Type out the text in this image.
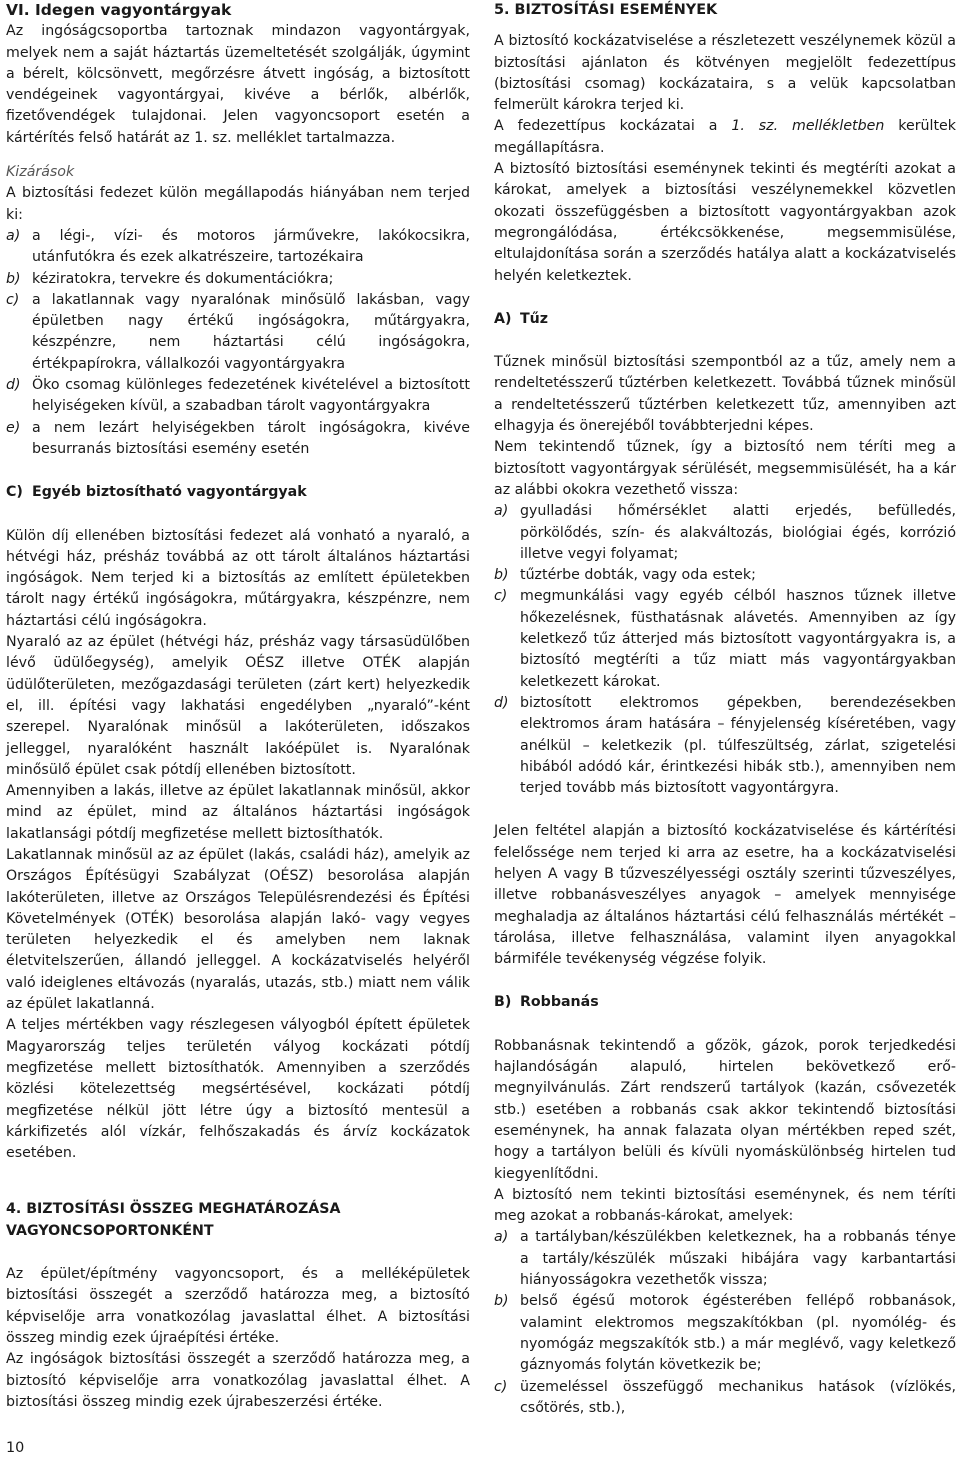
VI. Idegen vagyontárgyak

Az ingóságcsoportba tartoznak mindazon vagyontárgyak, melyek nem a saját háztartás üzemeltetését szolgálják, úgymint a bérelt, kölcsönvett, megőrzésre átvett ingóság, a biztosított vendégeinek vagyontárgyai, kivéve a bérlők, albérlők, fizetővendégek tulajdonai. Jelen vagyoncsoport esetén a kártérítés felső határát az 1. sz. melléklet tartalmazza.

Kizárások

A biztosítási fedezet külön megállapodás hiányában nem terjed ki:

a) a légi-, vízi- és motoros járművekre, lakókocsikra, utánfutókra és ezek alkatrészeire, tartozékaira
b) kéziratokra, tervekre és dokumentációkra;
c) a lakatlannak vagy nyaralónak minősülő lakásban, vagy épületben nagy értékű ingóságokra, műtárgyakra, készpénzre, nem háztartási célú ingóságokra, értékpapírokra, vállalkozói vagyontárgyakra
d) Öko csomag különleges fedezetének kivételével a biztosított helyiségeken kívül, a szabadban tárolt vagyontárgyakra
e) a nem lezárt helyiségekben tárolt ingóságokra, kivéve besurranás biztosítási esemény esetén

C) Egyéb biztosítható vagyontárgyak

Külön díj ellenében biztosítási fedezet alá vonható a nyaraló, a hétvégi ház, présház továbbá az ott tárolt általános háztartási ingóságok. Nem terjed ki a biztosítás az említett épületekben tárolt nagy értékű ingóságokra, műtárgyakra, készpénzre, nem háztartási célú ingóságokra.

Nyaraló az az épület (hétvégi ház, présház vagy társasüdülőben lévő üdülőegység), amelyik OÉSZ illetve OTÉK alapján üdülőterületen, mezőgazdasági területen (zárt kert) helyezkedik el, ill. építési vagy lakhatási engedélyben „nyaraló”-ként szerepel. Nyaralónak minősül a lakóterületen, időszakos jelleggel, nyaralóként használt lakóépület is. Nyaralónak minősülő épület csak pótdíj ellenében biztosított.

Amennyiben a lakás, illetve az épület lakatlannak minősül, akkor mind az épület, mind az általános háztartási ingóságok lakatlansági pótdíj megfizetése mellett biztosíthatók.

Lakatlannak minősül az az épület (lakás, családi ház), amelyik az Országos Építésügyi Szabályzat (OÉSZ) besorolása alapján lakóterületen, illetve az Országos Településrendezési és Építési Követelmények (OTÉK) besorolása alapján lakó- vagy vegyes területen helyezkedik el és amelyben nem laknak életvitelszerűen, állandó jelleggel. A kockázatviselés helyéről való ideiglenes eltávozás (nyaralás, utazás, stb.) miatt nem válik az épület lakatlanná.

A teljes mértékben vagy részlegesen vályogból épített épületek Magyarország teljes területén vályog kockázati pótdíj megfizetése mellett biztosíthatók. Amennyiben a szerződés közlési kötelezettség megsértésével, kockázati pótdíj megfizetése nélkül jött létre úgy a biztosító mentesül a kárkifizetés alól vízkár, felhőszakadás és árvíz kockázatok esetében.

4. BIZTOSÍTÁSI ÖSSZEG MEGHATÁROZÁSA VAGYONCSOPORTONKÉNT

Az épület/építmény vagyoncsoport, és a melléképületek biztosítási összegét a szerződő határozza meg, a biztosító képviselője arra vonatkozólag javaslattal élhet. A biztosítási összeg mindig ezek újraépítési értéke.

Az ingóságok biztosítási összegét a szerződő határozza meg, a biztosító képviselője arra vonatkozólag javaslattal élhet. A biztosítási összeg mindig ezek újrabeszerzési értéke.

5. BIZTOSÍTÁSI ESEMÉNYEK

A biztosító kockázatviselése a részletezett veszélynemek közül a biztosítási ajánlaton és kötvényen megjelölt fedezettípus (biztosítási csomag) kockázataira, s a velük kapcsolatban felmerült károkra terjed ki.

A fedezettípus kockázatai a 1. sz. mellékletben kerültek megállapításra.

A biztosító biztosítási eseménynek tekinti és megtéríti azokat a károkat, amelyek a biztosítási veszélynemekkel közvetlen okozati összefüggésben a biztosított vagyontárgyakban azok megrongálódása, értékcsökkenése, megsemmisülése, eltulajdonítása során a szerződés hatálya alatt a kockázatviselés helyén keletkeztek.

A) Tűz

Tűznek minősül biztosítási szempontból az a tűz, amely nem a rendeltetésszerű tűztérben keletkezett. Továbbá tűznek minősül a rendeltetésszerű tűztérben keletkezett tűz, amennyiben azt elhagyja és önerejéből továbbterjedni képes.

Nem tekintendő tűznek, így a biztosító nem téríti meg a biztosított vagyontárgyak sérülését, megsemmisülését, ha a kár az alábbi okokra vezethető vissza:

a) gyulladási hőmérséklet alatti erjedés, befülledés, pörkölődés, szín- és alakváltozás, biológiai égés, korrózió illetve vegyi folyamat;
b) tűztérbe dobták, vagy oda estek;
c) megmunkálási vagy egyéb célból hasznos tűznek illetve hőkezelésnek, füsthatásnak alávetés. Amennyiben az így keletkező tűz átterjed más biztosított vagyontárgyakra is, a biztosító megtéríti a tűz miatt más vagyontárgyakban keletkezett károkat.
d) biztosított elektromos gépekben, berendezésekben elektromos áram hatására – fényjelenség kíséretében, vagy anélkül – keletkezik (pl. túlfeszültség, zárlat, szigetelési hibából adódó kár, érintkezési hibák stb.), amennyiben nem terjed tovább más biztosított vagyontárgyra.

Jelen feltétel alapján a biztosító kockázatviselése és kártérítési felelőssége nem terjed ki arra az esetre, ha a kockázatviselési helyen A vagy B tűzveszélyességi osztály szerinti tűzveszélyes, illetve robbanásveszélyes anyagok – amelyek mennyisége meghaladja az általános háztartási célú felhasználás mértékét – tárolása, illetve felhasználása, valamint ilyen anyagokkal bármiféle tevékenység végzése folyik.

B) Robbanás

Robbanásnak tekintendő a gőzök, gázok, porok terjedkedési hajlandóságán alapuló, hirtelen bekövetkező erő-megnyilvánulás. Zárt rendszerű tartályok (kazán, csővezeték stb.) esetében a robbanás csak akkor tekintendő biztosítási eseménynek, ha annak falazata olyan mértékben reped szét, hogy a tartályon belüli és kívüli nyomáskülönbség hirtelen tud kiegyenlítődni.

A biztosító nem tekinti biztosítási eseménynek, és nem téríti meg azokat a robbanás-károkat, amelyek:

a) a tartályban/készülékben keletkeznek, ha a robbanás ténye a tartály/készülék műszaki hibájára vagy karbantartási hiányosságokra vezethetők vissza;
b) belső égésű motorok égésterében fellépő robbanások, valamint elektromos megszakítókban (pl. nyomólég- és nyomógáz megszakítók stb.) a már meglévő, vagy keletkező gáznyomás folytán következik be;
c) üzemeléssel összefüggő mechanikus hatások (vízlökés, csőtörés, stb.),
10
